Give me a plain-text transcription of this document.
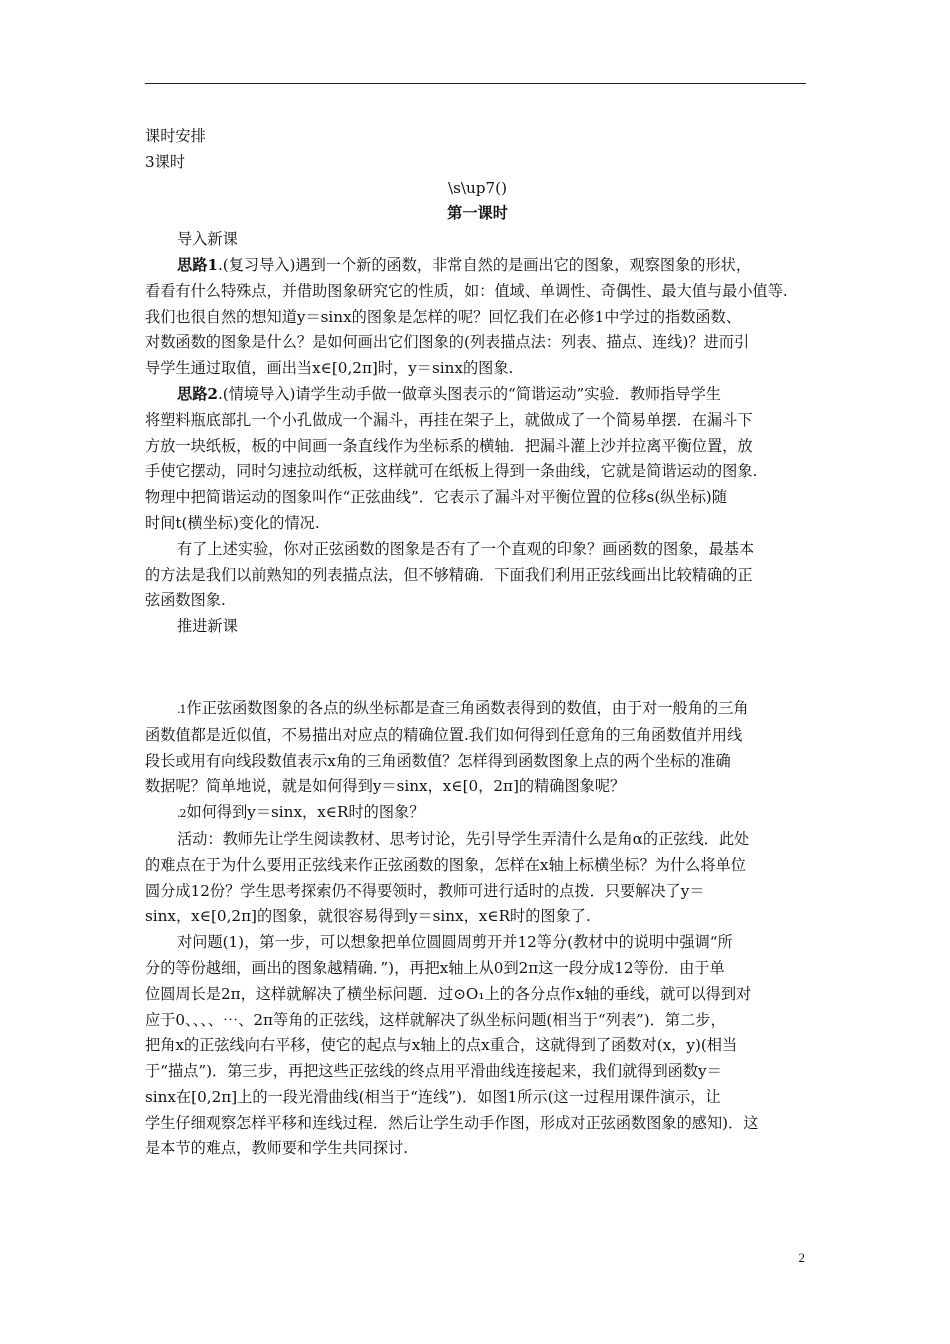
课时安排
3课时
\s\up7()
第一课时
导入新课
思路1.(复习导入)遇到一个新的函数，非常自然的是画出它的图象，观察图象的形状，
看看有什么特殊点，并借助图象研究它的性质，如：值域、单调性、奇偶性、最大值与最小值等.
我们也很自然的想知道y＝sinx的图象是怎样的呢？回忆我们在必修1中学过的指数函数、
对数函数的图象是什么？是如何画出它们图象的(列表描点法：列表、描点、连线)？进而引
导学生通过取值，画出当x∈[0,2π]时，y＝sinx的图象.
思路2.(情境导入)请学生动手做一做章头图表示的“简谐运动”实验．教师指导学生
将塑料瓶底部扎一个小孔做成一个漏斗，再挂在架子上，就做成了一个简易单摆．在漏斗下
方放一块纸板，板的中间画一条直线作为坐标系的横轴．把漏斗灌上沙并拉离平衡位置，放
手使它摆动，同时匀速拉动纸板，这样就可在纸板上得到一条曲线，它就是简谐运动的图象.
物理中把简谐运动的图象叫作“正弦曲线”．它表示了漏斗对平衡位置的位移s(纵坐标)随
时间t(横坐标)变化的情况.
有了上述实验，你对正弦函数的图象是否有了一个直观的印象？画函数的图象，最基本
的方法是我们以前熟知的列表描点法，但不够精确．下面我们利用正弦线画出比较精确的正
弦函数图象.
推进新课
.1作正弦函数图象的各点的纵坐标都是查三角函数表得到的数值，由于对一般角的三角
函数值都是近似值，不易描出对应点的精确位置.我们如何得到任意角的三角函数值并用线
段长或用有向线段数值表示x角的三角函数值？怎样得到函数图象上点的两个坐标的准确
数据呢？简单地说，就是如何得到y＝sinx，x∈[0，2π]的精确图象呢？
.2如何得到y＝sinx，x∈R时的图象？
活动：教师先让学生阅读教材、思考讨论，先引导学生弄清什么是角α的正弦线．此处
的难点在于为什么要用正弦线来作正弦函数的图象，怎样在x轴上标横坐标？为什么将单位
圆分成12份？学生思考探索仍不得要领时，教师可进行适时的点拨．只要解决了y＝
sinx，x∈[0,2π]的图象，就很容易得到y＝sinx，x∈R时的图象了.
对问题(1)，第一步，可以想象把单位圆圆周剪开并12等分(教材中的说明中强调“所
分的等份越细，画出的图象越精确．”)，再把x轴上从0到2π这一段分成12等份．由于单
位圆周长是2π，这样就解决了横坐标问题．过⊙O₁上的各分点作x轴的垂线，就可以得到对
应于0、、、、⋯、2π等角的正弦线，这样就解决了纵坐标问题(相当于“列表”)．第二步，
把角x的正弦线向右平移，使它的起点与x轴上的点x重合，这就得到了函数对(x，y)(相当
于“描点”)．第三步，再把这些正弦线的终点用平滑曲线连接起来，我们就得到函数y＝
sinx在[0,2π]上的一段光滑曲线(相当于“连线”)．如图1所示(这一过程用课件演示，让
学生仔细观察怎样平移和连线过程．然后让学生动手作图，形成对正弦函数图象的感知)．这
是本节的难点，教师要和学生共同探讨.
2
